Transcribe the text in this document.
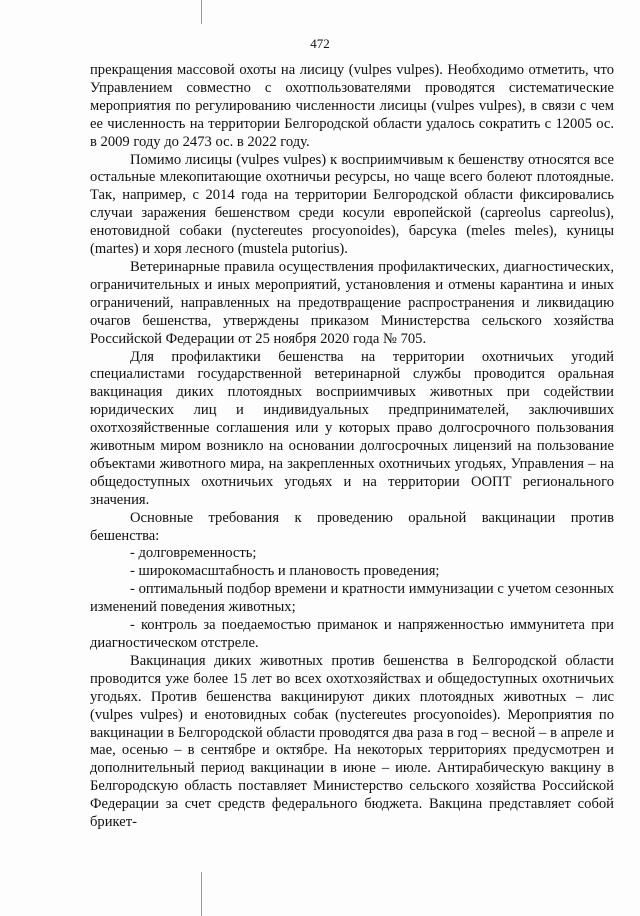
472

прекращения массовой охоты на лисицу (vulpes vulpes). Необходимо отметить, что Управлением совместно с охотпользователями проводятся систематические мероприятия по регулированию численности лисицы (vulpes vulpes), в связи с чем ее численность на территории Белгородской области удалось сократить с 12005 ос. в 2009 году до 2473 ос. в 2022 году.

Помимо лисицы (vulpes vulpes) к восприимчивым к бешенству относятся все остальные млекопитающие охотничьи ресурсы, но чаще всего болеют плотоядные. Так, например, с 2014 года на территории Белгородской области фиксировались случаи заражения бешенством среди косули европейской (capreolus capreolus), енотовидной собаки (nyctereutes procyonoides), барсука (meles meles), куницы (martes) и хоря лесного (mustela putorius).

Ветеринарные правила осуществления профилактических, диагностических, ограничительных и иных мероприятий, установления и отмены карантина и иных ограничений, направленных на предотвращение распространения и ликвидацию очагов бешенства, утверждены приказом Министерства сельского хозяйства Российской Федерации от 25 ноября 2020 года № 705.

Для профилактики бешенства на территории охотничьих угодий специалистами государственной ветеринарной службы проводится оральная вакцинация диких плотоядных восприимчивых животных при содействии юридических лиц и индивидуальных предпринимателей, заключивших охотхозяйственные соглашения или у которых право долгосрочного пользования животным миром возникло на основании долгосрочных лицензий на пользование объектами животного мира, на закрепленных охотничьих угодьях, Управления – на общедоступных охотничьих угодьях и на территории ООПТ регионального значения.

Основные требования к проведению оральной вакцинации против бешенства:

- долговременность;

- широкомасштабность и плановость проведения;

- оптимальный подбор времени и кратности иммунизации с учетом сезонных изменений поведения животных;

- контроль за поедаемостью приманок и напряженностью иммунитета при диагностическом отстреле.

Вакцинация диких животных против бешенства в Белгородской области проводится уже более 15 лет во всех охотхозяйствах и общедоступных охотничьих угодьях. Против бешенства вакцинируют диких плотоядных животных – лис (vulpes vulpes) и енотовидных собак (nyctereutes procyonoides). Мероприятия по вакцинации в Белгородской области проводятся два раза в год – весной – в апреле и мае, осенью – в сентябре и октябре. На некоторых территориях предусмотрен и дополнительный период вакцинации в июне – июле. Антирабическую вакцину в Белгородскую область поставляет Министерство сельского хозяйства Российской Федерации за счет средств федерального бюджета. Вакцина представляет собой брикет-
